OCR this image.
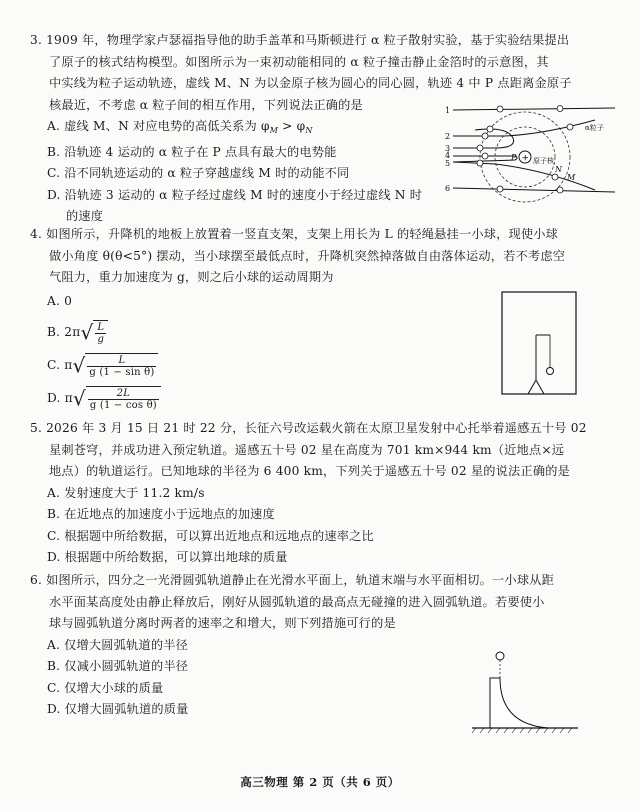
3. 1909 年，物理学家卢瑟福指导他的助手盖革和马斯顿进行 α 粒子散射实验，基于实验结果提出

了原子的核式结构模型。如图所示为一束初动能相同的 α 粒子撞击静止金箔时的示意图，其

中实线为粒子运动轨迹，虚线 M、N 为以金原子核为圆心的同心圆，轨迹 4 中 P 点距离金原子

核最近，不考虑 α 粒子间的相互作用，下列说法正确的是

A. 虚线 M、N 对应电势的高低关系为 $\varphi_M > \varphi_N$

B. 沿轨迹 4 运动的 α 粒子在 P 点具有最大的电势能

C. 沿不同轨迹运动的 α 粒子穿越虚线 M 时的动能不同

D. 沿轨迹 3 运动的 α 粒子经过虚线 M 时的速度小于经过虚线 N 时

的速度

+
1
2
3
4
5
6
α粒子
原子核
P
N
M

4. 如图所示，升降机的地板上放置着一竖直支架，支架上用长为 L 的轻绳悬挂一小球，现使小球

做小角度 θ(θ<5°) 摆动，当小球摆至最低点时，升降机突然掉落做自由落体运动，若不考虑空

气阻力，重力加速度为 g，则之后小球的运动周期为

A. 0

B. $2\pi√ \frac{L}{g}$

C. $\pi√ \frac{L}{\text{g (1 − sin θ)}}$

D. $\pi√ \frac{2L}{\text{g (1 − cos θ)}}$

5. 2026 年 3 月 15 日 21 时 22 分，长征六号改运载火箭在太原卫星发射中心托举着遥感五十号 02

星刺苍穹，并成功进入预定轨道。遥感五十号 02 星在高度为 701 km×944 km（近地点×远

地点）的轨道运行。已知地球的半径为 6 400 km，下列关于遥感五十号 02 星的说法正确的是

A. 发射速度大于 11.2 km/s

B. 在近地点的加速度小于远地点的加速度

C. 根据题中所给数据，可以算出近地点和远地点的速率之比

D. 根据题中所给数据，可以算出地球的质量

6. 如图所示，四分之一光滑圆弧轨道静止在光滑水平面上，轨道末端与水平面相切。一小球从距

水平面某高度处由静止释放后，刚好从圆弧轨道的最高点无碰撞的进入圆弧轨道。若要使小

球与圆弧轨道分离时两者的速率之和增大，则下列措施可行的是

A. 仅增大圆弧轨道的半径

B. 仅减小圆弧轨道的半径

C. 仅增大小球的质量

D. 仅增大圆弧轨道的质量

高三物理 第 2 页（共 6 页）
